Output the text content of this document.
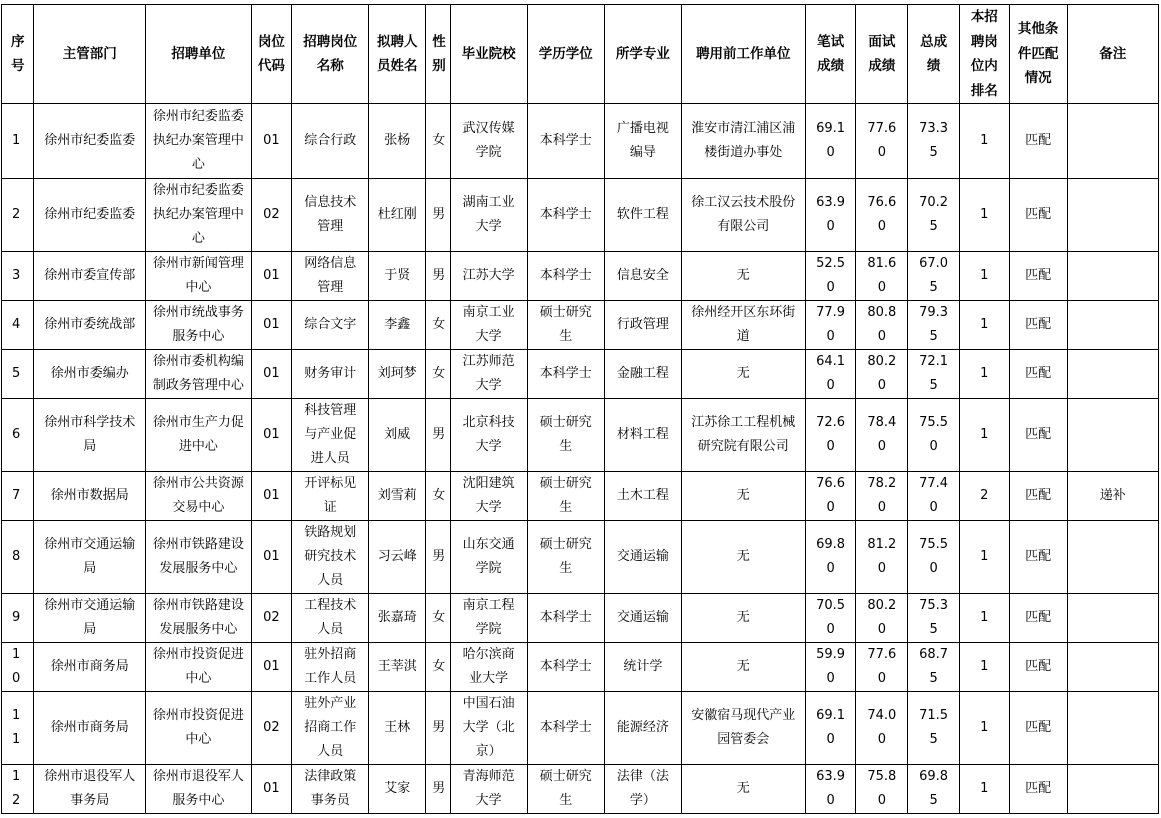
序号	主管部门	招聘单位	岗位代码	招聘岗位名称	拟聘人员姓名	性别	毕业院校	学历学位	所学专业	聘用前工作单位	笔试成绩	面试成绩	总成绩	本招聘岗位内排名	其他条件匹配情况	备注
1	徐州市纪委监委	徐州市纪委监委执纪办案管理中心	01	综合行政	张杨	女	武汉传媒学院	本科学士	广播电视编导	淮安市清江浦区浦楼街道办事处	69.10	77.60	73.35	1	匹配	
2	徐州市纪委监委	徐州市纪委监委执纪办案管理中心	02	信息技术管理	杜红刚	男	湖南工业大学	本科学士	软件工程	徐工汉云技术股份有限公司	63.90	76.60	70.25	1	匹配	
3	徐州市委宣传部	徐州市新闻管理中心	01	网络信息管理	于贤	男	江苏大学	本科学士	信息安全	无	52.50	81.60	67.05	1	匹配	
4	徐州市委统战部	徐州市统战事务服务中心	01	综合文字	李鑫	女	南京工业大学	硕士研究生	行政管理	徐州经开区东环街道	77.90	80.80	79.35	1	匹配	
5	徐州市委编办	徐州市委机构编制政务管理中心	01	财务审计	刘珂梦	女	江苏师范大学	本科学士	金融工程	无	64.10	80.20	72.15	1	匹配	
6	徐州市科学技术局	徐州市生产力促进中心	01	科技管理与产业促进人员	刘威	男	北京科技大学	硕士研究生	材料工程	江苏徐工工程机械研究院有限公司	72.60	78.40	75.50	1	匹配	
7	徐州市数据局	徐州市公共资源交易中心	01	开评标见证	刘雪莉	女	沈阳建筑大学	硕士研究生	土木工程	无	76.60	78.20	77.40	2	匹配	递补
8	徐州市交通运输局	徐州市铁路建设发展服务中心	01	铁路规划研究技术人员	习云峰	男	山东交通学院	硕士研究生	交通运输	无	69.80	81.20	75.50	1	匹配	
9	徐州市交通运输局	徐州市铁路建设发展服务中心	02	工程技术人员	张嘉琦	女	南京工程学院	本科学士	交通运输	无	70.50	80.20	75.35	1	匹配	
10	徐州市商务局	徐州市投资促进中心	01	驻外招商工作人员	王莘淇	女	哈尔滨商业大学	本科学士	统计学	无	59.90	77.60	68.75	1	匹配	
11	徐州市商务局	徐州市投资促进中心	02	驻外产业招商工作人员	王林	男	中国石油大学（北京）	本科学士	能源经济	安徽宿马现代产业园管委会	69.10	74.00	71.55	1	匹配	
12	徐州市退役军人事务局	徐州市退役军人服务中心	01	法律政策事务员	艾家	男	青海师范大学	硕士研究生	法律（法学）	无	63.90	75.80	69.85	1	匹配	
